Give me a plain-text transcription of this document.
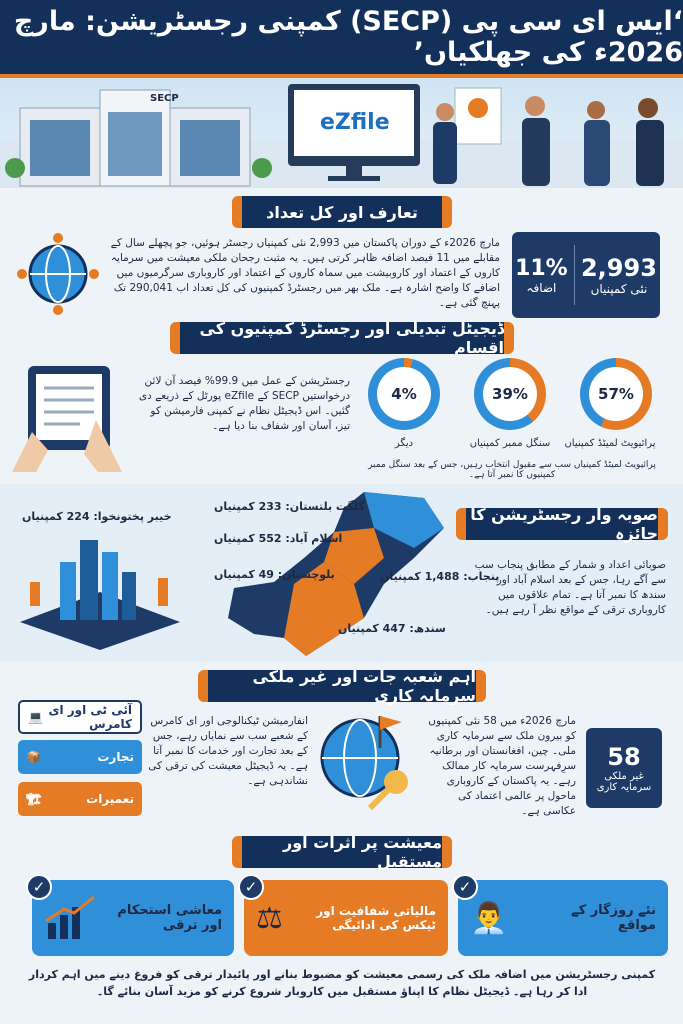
‘ایس ای سی پی (SECP) کمپنی رجسٹریشن: مارچ 2026ء کی جھلکیاں’
SECP
eZfile
تعارف اور کل تعداد
مارچ 2026ء کے دوران پاکستان میں 2,993 نئی کمپنیاں رجسٹر ہوئیں، جو پچھلے سال کے مقابلے میں 11 فیصد اضافہ ظاہر کرتی ہیں۔ یہ مثبت رجحان ملکی معیشت میں سرمایہ کاروں کے اعتماد اور کاروبیشت میں سماہ کاروں کے اعتماد اور کاروباری سرگرمیوں میں اضافے کا واضح اشارہ ہے۔ ملک بھر میں رجسٹرڈ کمپنیوں کی کل تعداد اب 290,041 تک پہنچ گئی ہے۔
11%
اضافہ
2,993
نئی کمپنیاں
ڈیجیٹل تبدیلی اور رجسٹرڈ کمپنیوں کی اقسام
رجسٹریشن کے عمل میں 99.9% فیصد آن لائن درخواستیں SECP کے eZfile پورٹل کے ذریعے دی گئیں۔ اس ڈیجیٹل نظام نے کمپنی فارمیشن کو تیز، آسان اور شفاف بنا دیا ہے۔
57%
39%
4%
پرائیویٹ لمیٹڈ کمپنیاں
سنگل ممبر کمپنیاں
دیگر
پرائیویٹ لمیٹڈ کمپنیاں سب سے مقبول انتخاب رہیں، جس کے بعد سنگل ممبر کمپنیوں کا نمبر آتا ہے۔
خیبر پختونخوا: 224 کمپنیاں
گلگت بلتستان: 233 کمپنیاں
اسلام آباد: 552 کمپنیاں
بلوچستان: 49 کمپنیاں	پنجاب: 1,488 کمپنیاں
سندھ: 447 کمپنیاں
صوبہ وار رجسٹریشن کا جائزہ
صوبائی اعداد و شمار کے مطابق پنجاب سب سے آگے رہا، جس کے بعد اسلام آباد اور سندھ کا نمبر آتا ہے۔ تمام علاقوں میں کاروباری ترقی کے مواقع نظر آ رہے ہیں۔
اہم شعبہ جات اور غیر ملکی سرمایہ کاری
آئی ٹی اور ای کامرس
💻
تجارت
📦
تعمیرات
🏗
انفارمیشن ٹیکنالوجی اور ای کامرس کے شعبے سب سے نمایاں رہے، جس کے بعد تجارت اور خدمات کا نمبر آتا ہے۔ یہ ڈیجیٹل معیشت کی ترقی کی نشاندہی ہے۔
مارچ 2026ء میں 58 نئی کمپنیوں کو بیرون ملک سے سرمایہ کاری ملی۔ چین، افغانستان اور برطانیہ سرِفہرست سرمایہ کار ممالک رہے۔ یہ پاکستان کے کاروباری ماحول پر عالمی اعتماد کی عکاسی ہے۔
58
غیر ملکی سرمایہ کاری
معیشت پر اثرات اور مستقبل
نئے روزگار کے مواقع
👨‍💼
مالیاتی شفافیت اور ٹیکس کی ادائیگی
⚖
معاشی استحکام اور ترقی
✓
✓
✓
کمپنی رجسٹریشن میں اضافہ ملک کی رسمی معیشت کو مضبوط بنانے اور پائیدار ترقی کو فروغ دینے میں اہم کردار ادا کر رہا ہے۔ ڈیجیٹل نظام کا اپناؤ مستقبل میں کاروبار شروع کرنے کو مزید آسان بنائے گا۔
